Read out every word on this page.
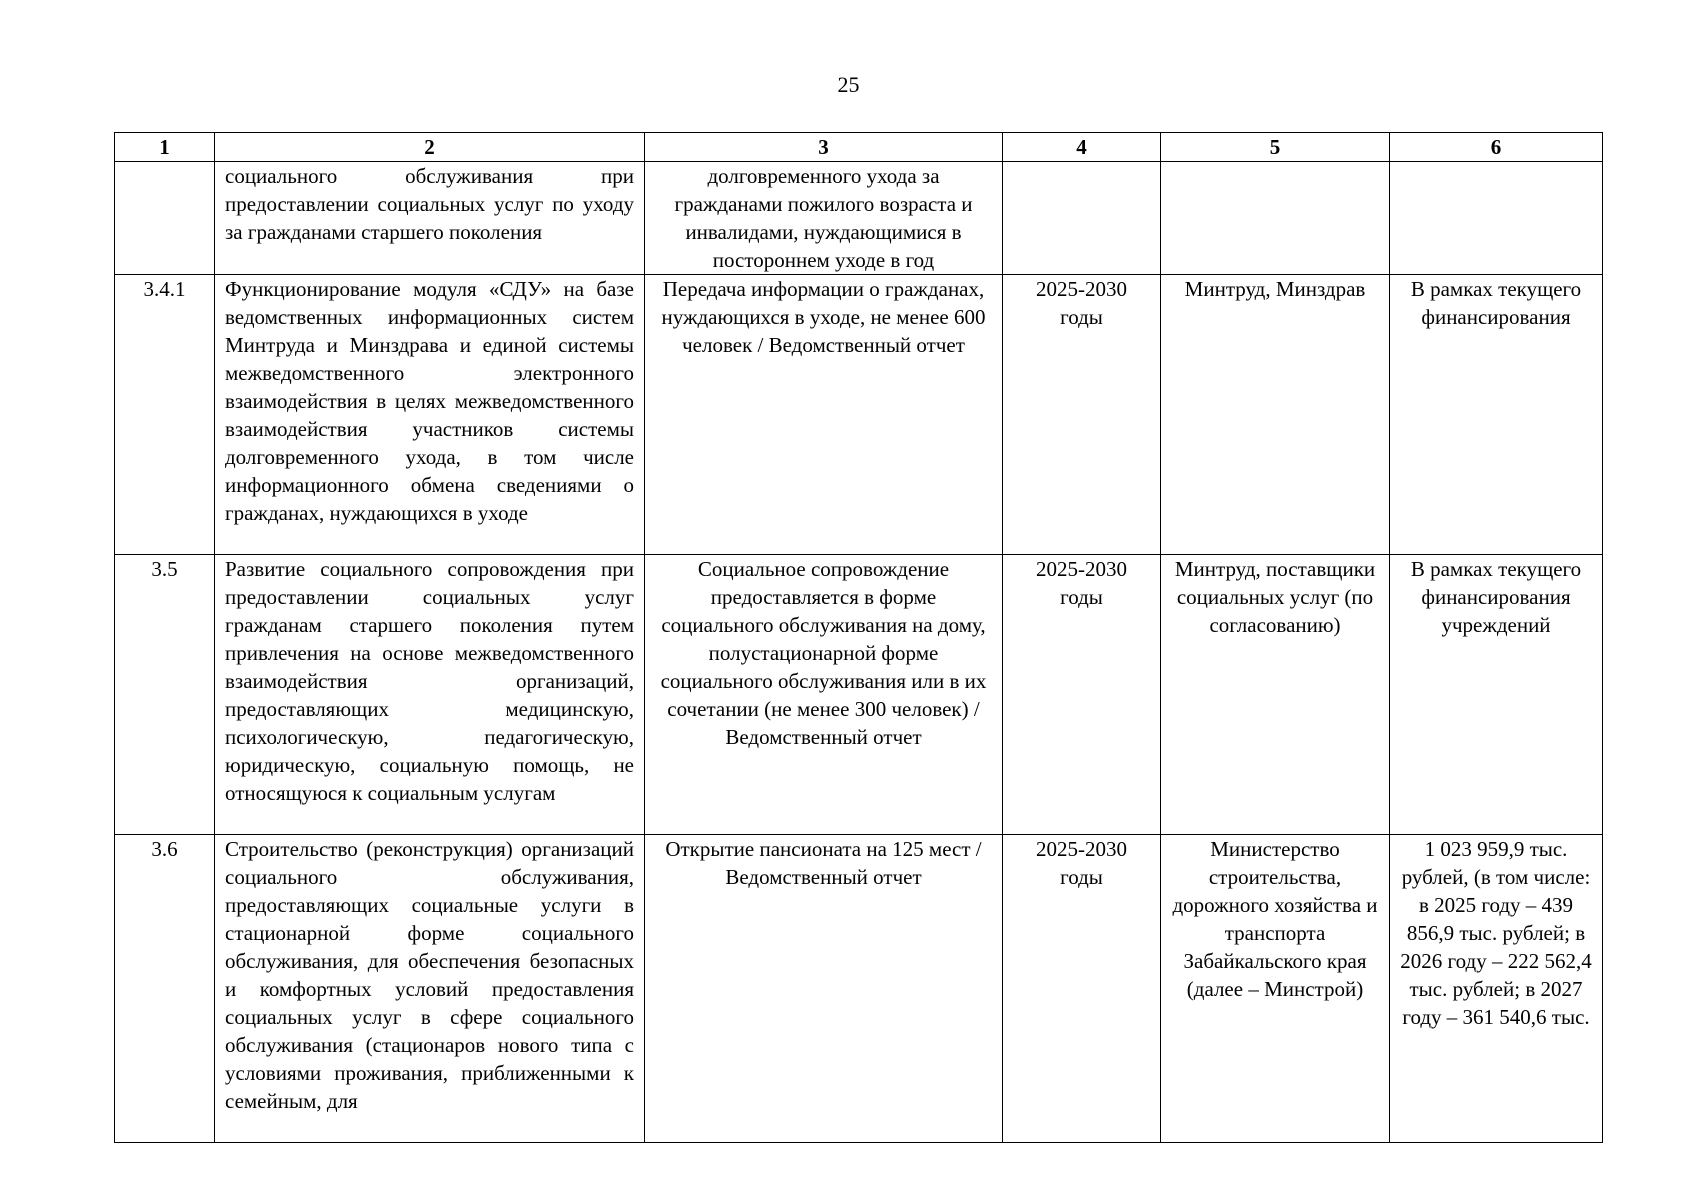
25
1	2	3	4	5	6
	социального обслуживания при предоставлении социальных услуг по уходу за гражданами старшего поколения	долговременного ухода за гражданами пожилого возраста и инвалидами, нуждающимися в постороннем уходе в год			
3.4.1	Функционирование модуля «СДУ» на базе ведомственных информационных систем Минтруда и Минздрава и единой системы межведомственного электронного взаимодействия в целях межведомственного взаимодействия участников системы долговременного ухода, в том числе информационного обмена сведениями о гражданах, нуждающихся в уходе	Передача информации о гражданах, нуждающихся в уходе, не менее 600 человек / Ведомственный отчет	2025-2030 годы	Минтруд, Минздрав	В рамках текущего финансирования
3.5	Развитие социального сопровождения при предоставлении социальных услуг гражданам старшего поколения путем привлечения на основе межведомственного взаимодействия организаций, предоставляющих медицинскую, психологическую, педагогическую, юридическую, социальную помощь, не относящуюся к социальным услугам	Социальное сопровождение предоставляется в форме социального обслуживания на дому, полустационарной форме социального обслуживания или в их сочетании (не менее 300 человек) / Ведомственный отчет	2025-2030 годы	Минтруд, поставщики социальных услуг (по согласованию)	В рамках текущего финансирования учреждений
3.6	Строительство (реконструкция) организаций социального обслуживания, предоставляющих социальные услуги в стационарной форме социального обслуживания, для обеспечения безопасных и комфортных условий предоставления социальных услуг в сфере социального обслуживания (стационаров нового типа с условиями проживания, приближенными к семейным, для	Открытие пансионата на 125 мест / Ведомственный отчет	2025-2030 годы	Министерство строительства, дорожного хозяйства и транспорта Забайкальского края (далее – Минстрой)	1 023 959,9 тыс. рублей, (в том числе: в 2025 году – 439 856,9 тыс. рублей; в 2026 году – 222 562,4 тыс. рублей; в 2027 году – 361 540,6 тыс.
